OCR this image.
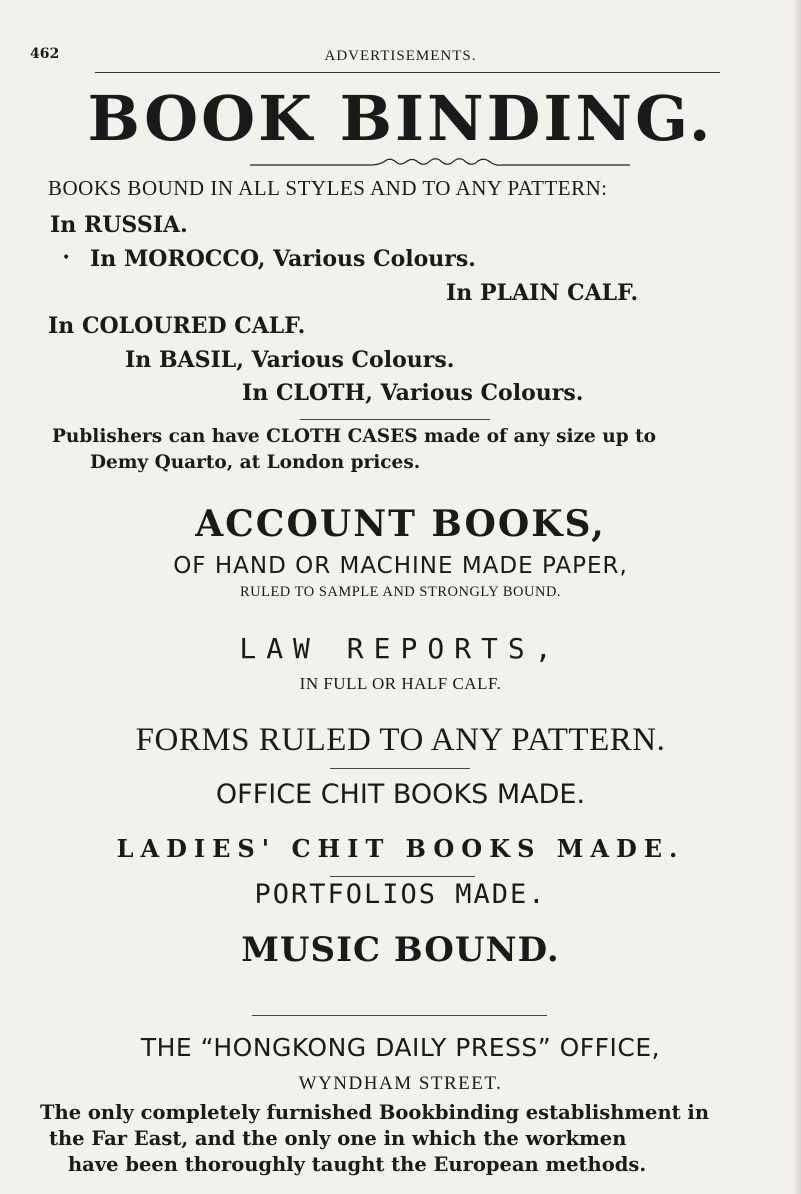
462	ADVERTISEMENTS.
BOOK BINDING.
BOOKS BOUND IN ALL STYLES AND TO ANY PATTERN:
In RUSSIA.
• In MOROCCO, Various Colours.
In PLAIN CALF.
In COLOURED CALF.
In BASIL, Various Colours.
In CLOTH, Various Colours.
Publishers can have CLOTH CASES made of any size up to
Demy Quarto, at London prices.
ACCOUNT BOOKS,
OF HAND OR MACHINE MADE PAPER,
RULED TO SAMPLE AND STRONGLY BOUND.
LAW REPORTS,
IN FULL OR HALF CALF.
FORMS RULED TO ANY PATTERN.
OFFICE CHIT BOOKS MADE.
LADIES' CHIT BOOKS MADE.
PORTFOLIOS MADE.
MUSIC BOUND.
THE “HONGKONG DAILY PRESS” OFFICE,
WYNDHAM STREET.
The only completely furnished Bookbinding establishment in
the Far East, and the only one in which the workmen
have been thoroughly taught the European methods.
